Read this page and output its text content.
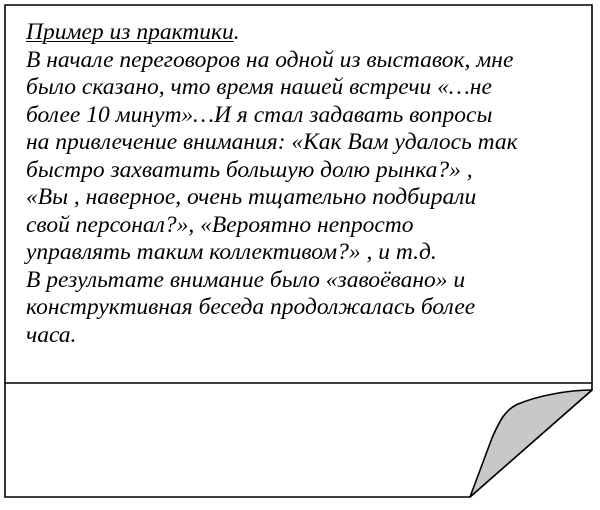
Пример из практики.
В начале переговоров на одной из выставок, мне
было сказано, что время нашей встречи «…не
более 10 минут»…И я стал задавать вопросы
на привлечение внимания: «Как Вам удалось так
быстро захватить большую долю рынка?» ,
«Вы , наверное, очень тщательно подбирали
свой персонал?», «Вероятно непросто
управлять таким коллективом?» , и т.д.
В результате внимание было «завоёвано» и
конструктивная беседа продолжалась более
часа.
